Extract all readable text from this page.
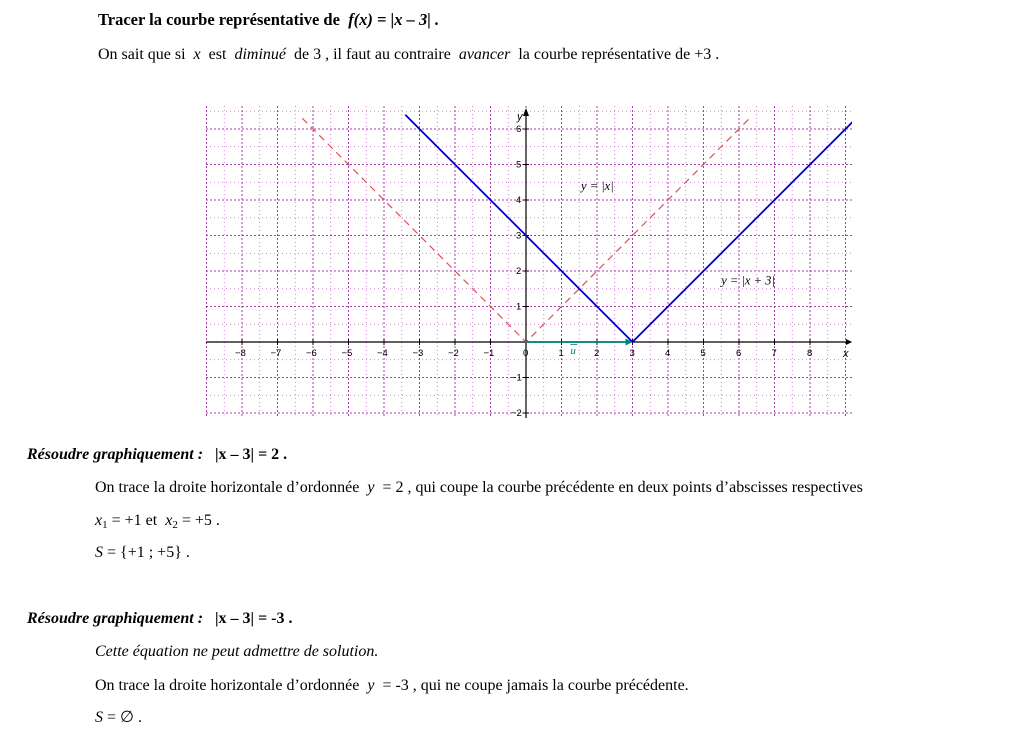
Tracer la courbe représentative de f(x) = |x – 3| .
On sait que si x est diminué de 3 , il faut au contraire avancer la courbe représentative de +3 .
x
y
−8	−7	−6	−5	−4	−3	−2	−1	0	1	2	3	4	5	6	7	8
−2
−1
1
2
3
4
5
6
y = |x|
y = |x + 3|
u
Résoudre graphiquement : |x – 3| = 2 .
On trace la droite horizontale d’ordonnée y = 2 , qui coupe la courbe précédente en deux points d’abscisses respectives
$x_1 = +1$ et $x_2 = +5$ .
S = {+1 ; +5} .
Résoudre graphiquement : |x – 3| = -3 .
Cette équation ne peut admettre de solution.
On trace la droite horizontale d’ordonnée y = -3 , qui ne coupe jamais la courbe précédente.
S = ∅ .
